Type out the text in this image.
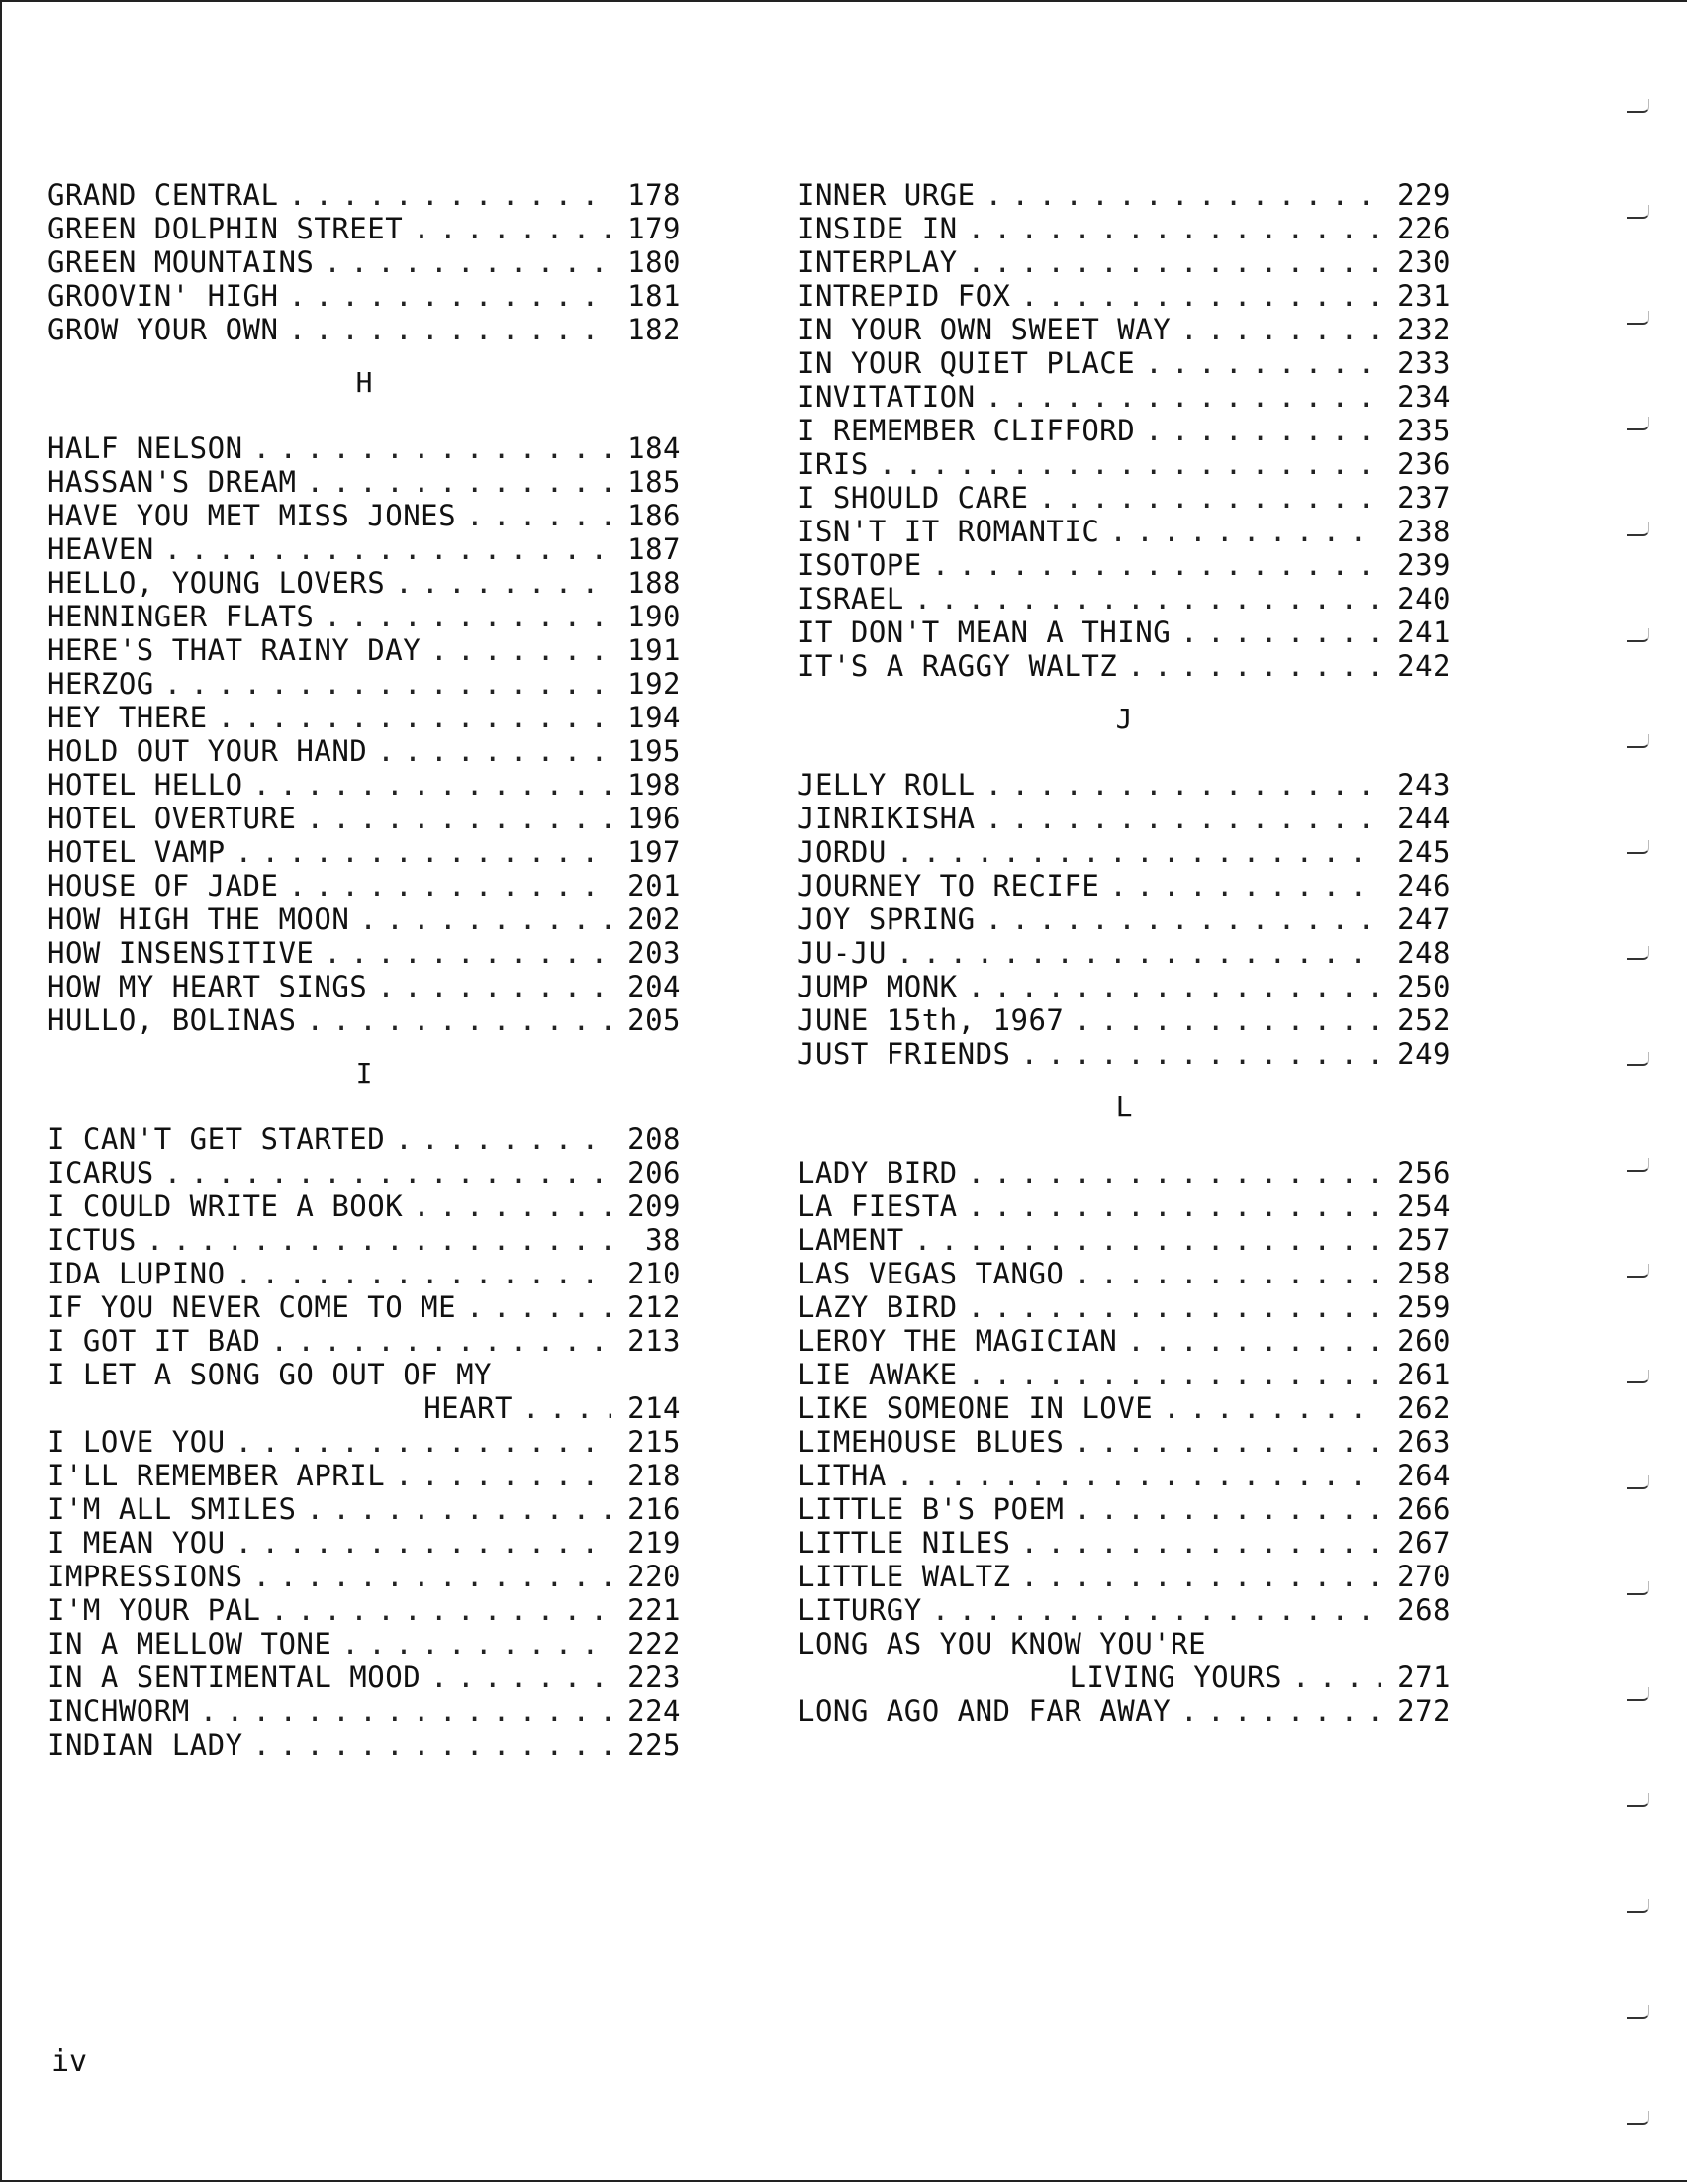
GRAND CENTRAL . . .	178
GREEN DOLPHIN STREET . . .	179
GREEN MOUNTAINS . . .	180
GROOVIN' HIGH . . .	181
GROW YOUR OWN . . .	182
H
HALF NELSON . . .	184
HASSAN'S DREAM . . .	185
HAVE YOU MET MISS JONES . . .	186
HEAVEN . . .	187
HELLO, YOUNG LOVERS . . .	188
HENNINGER FLATS . . .	190
HERE'S THAT RAINY DAY . . .	191
HERZOG . . .	192
HEY THERE . . .	194
HOLD OUT YOUR HAND . . .	195
HOTEL HELLO . . .	198
HOTEL OVERTURE . . .	196
HOTEL VAMP . . .	197
HOUSE OF JADE . . .	201
HOW HIGH THE MOON . . .	202
HOW INSENSITIVE . . .	203
HOW MY HEART SINGS . . .	204
HULLO, BOLINAS . . .	205
I
I CAN'T GET STARTED . . .	208
ICARUS . . .	206
I COULD WRITE A BOOK . . .	209
ICTUS . . .	38
IDA LUPINO . . .	210
IF YOU NEVER COME TO ME . . .	212
I GOT IT BAD . . .	213
I LET A SONG GO OUT OF MY
HEART . . .	214
I LOVE YOU . . .	215
I'LL REMEMBER APRIL . . .	218
I'M ALL SMILES . . .	216
I MEAN YOU . . .	219
IMPRESSIONS . . .	220
I'M YOUR PAL . . .	221
IN A MELLOW TONE . . .	222
IN A SENTIMENTAL MOOD . . .	223
INCHWORM . . .	224
INDIAN LADY . . .	225
INNER URGE . . .	229
INSIDE IN . . .	226
INTERPLAY . . .	230
INTREPID FOX . . .	231
IN YOUR OWN SWEET WAY . . .	232
IN YOUR QUIET PLACE . . .	233
INVITATION . . .	234
I REMEMBER CLIFFORD . . .	235
IRIS . . .	236
I SHOULD CARE . . .	237
ISN'T IT ROMANTIC . . .	238
ISOTOPE . . .	239
ISRAEL . . .	240
IT DON'T MEAN A THING . . .	241
IT'S A RAGGY WALTZ . . .	242
J
JELLY ROLL . . .	243
JINRIKISHA . . .	244
JORDU . . .	245
JOURNEY TO RECIFE . . .	246
JOY SPRING . . .	247
JU-JU . . .	248
JUMP MONK . . .	250
JUNE 15th, 1967 . . .	252
JUST FRIENDS . . .	249
L
LADY BIRD . . .	256
LA FIESTA . . .	254
LAMENT . . .	257
LAS VEGAS TANGO . . .	258
LAZY BIRD . . .	259
LEROY THE MAGICIAN . . .	260
LIE AWAKE . . .	261
LIKE SOMEONE IN LOVE . . .	262
LIMEHOUSE BLUES . . .	263
LITHA . . .	264
LITTLE B'S POEM . . .	266
LITTLE NILES . . .	267
LITTLE WALTZ . . .	270
LITURGY . . .	268
LONG AS YOU KNOW YOU'RE
LIVING YOURS . . .	271
LONG AGO AND FAR AWAY . . .	272
iv
